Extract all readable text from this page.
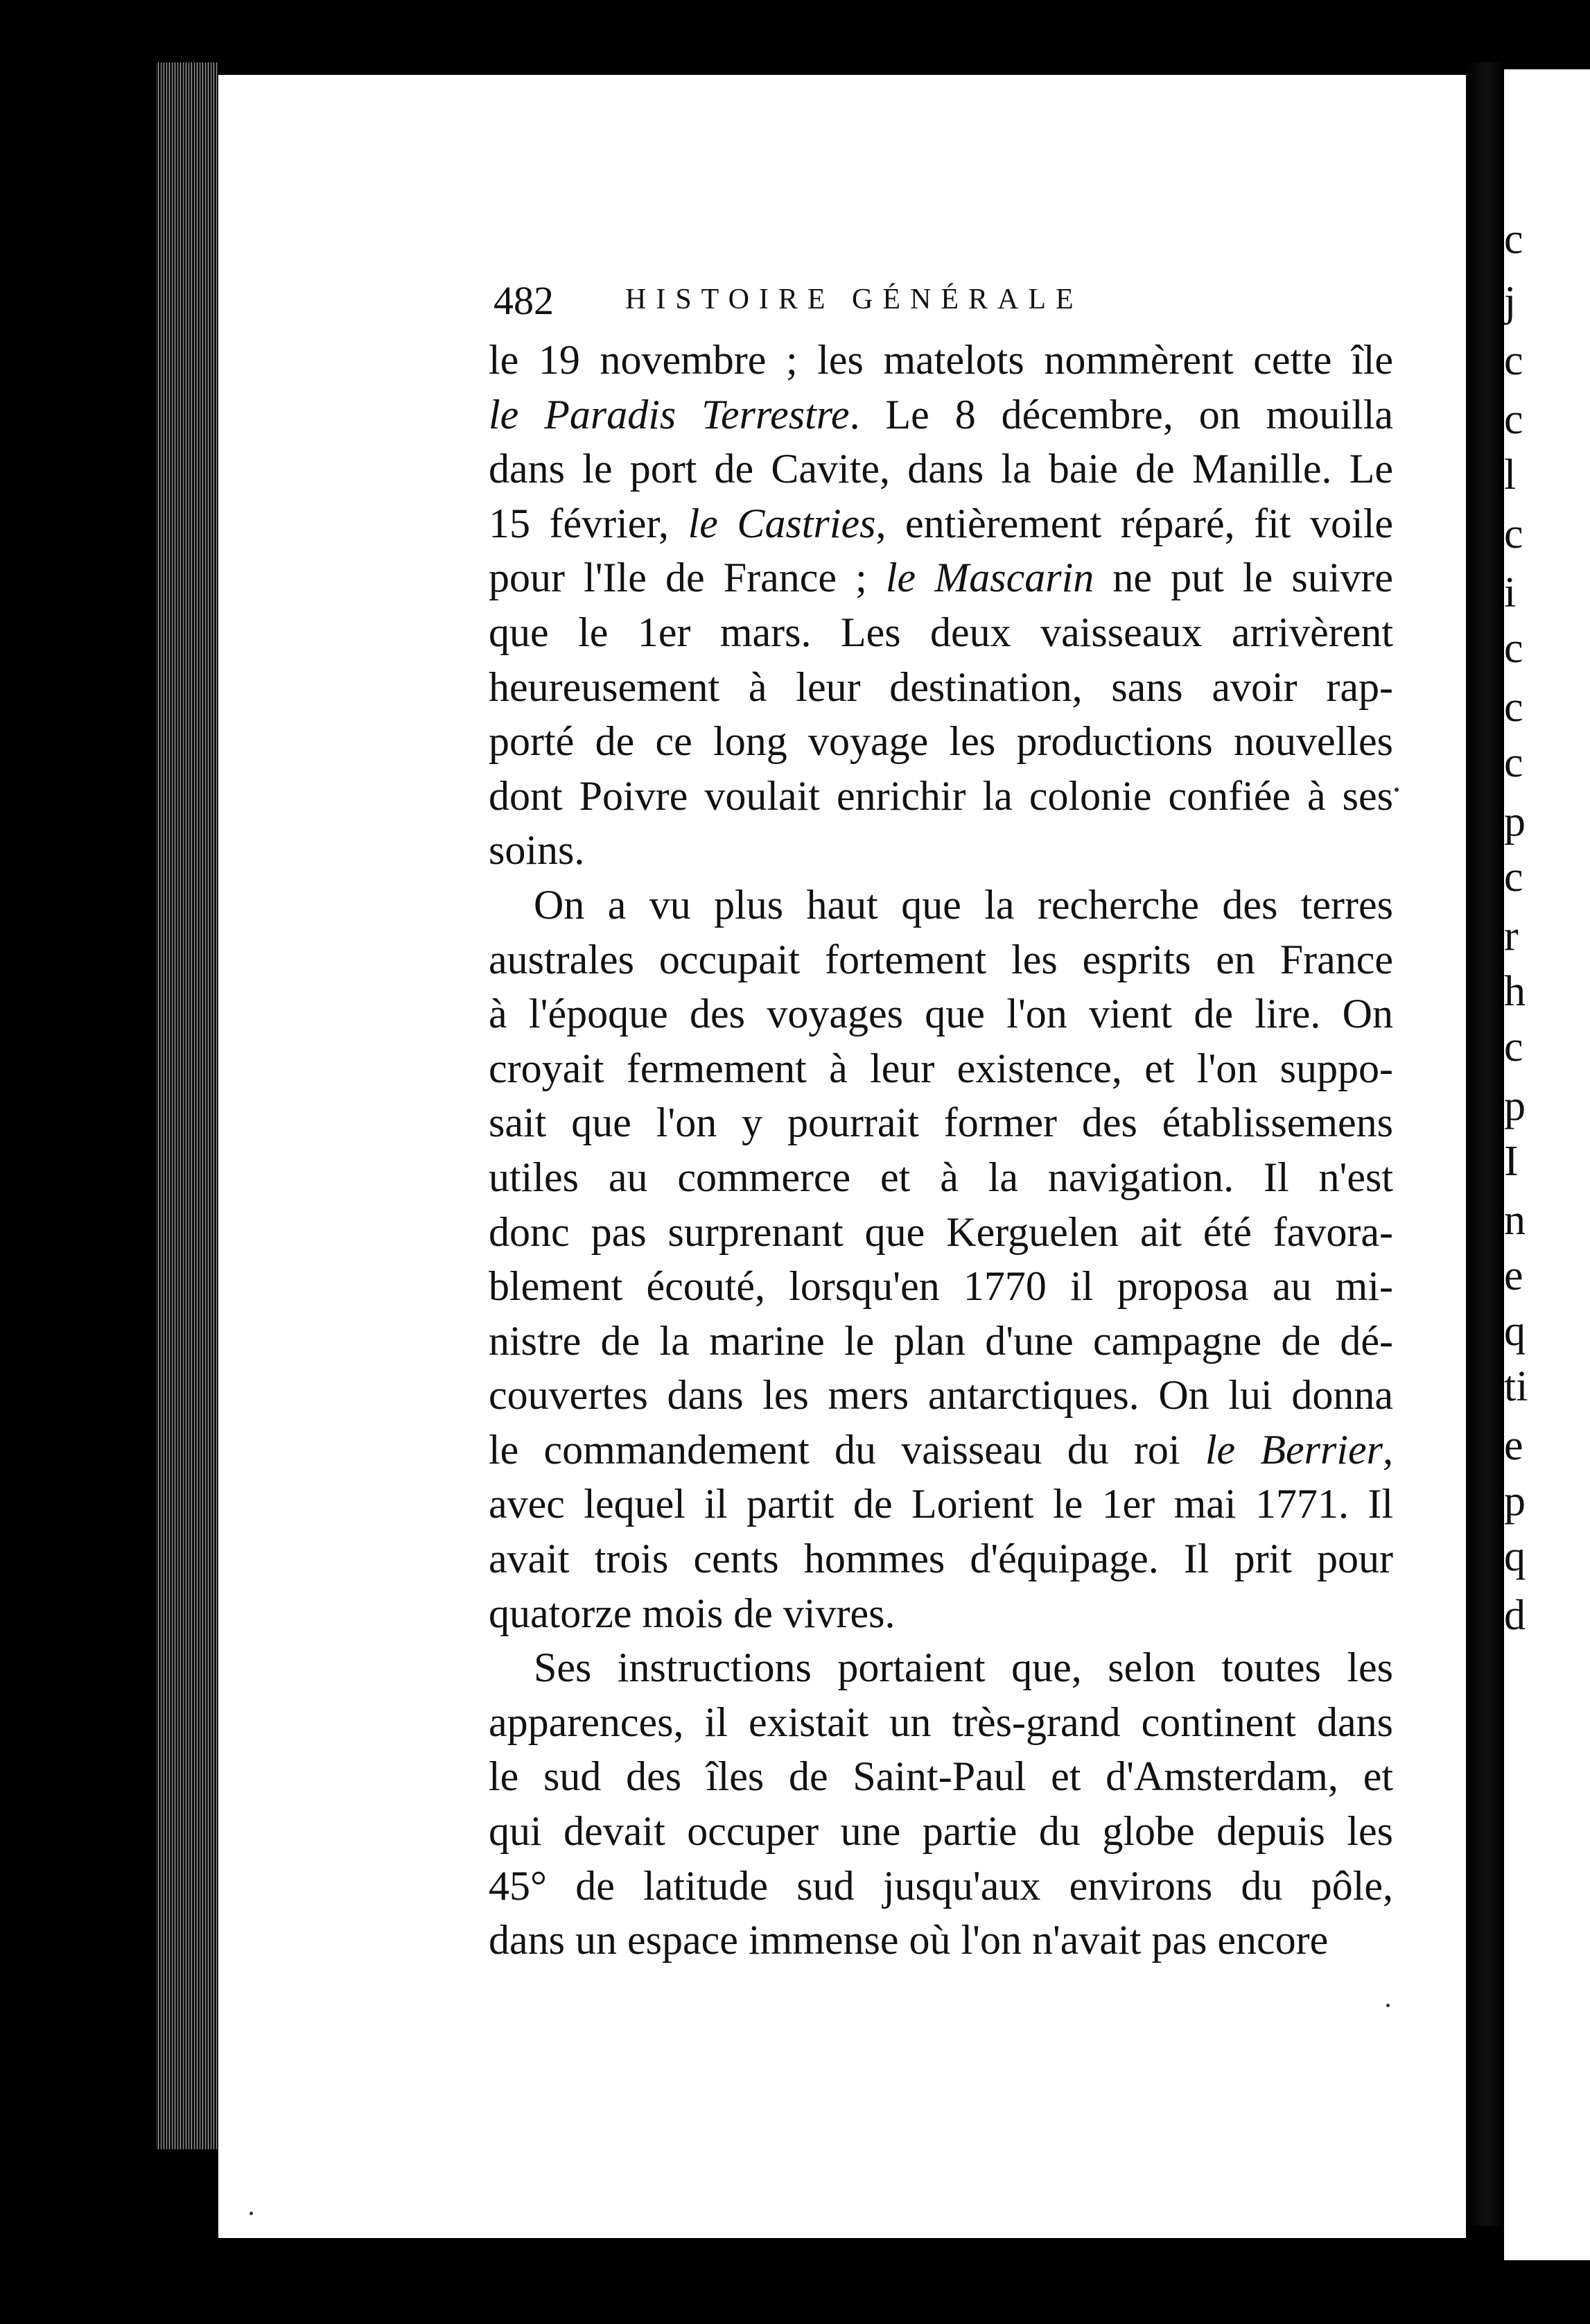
c
j
c
c
l
c
i
c
c
c
p
c
r
h
c
p
I
n
e
q
ti
e
p
q
d
482 HISTOIRE GÉNÉRALE
le 19 novembre ; les matelots nommèrent cette île
le Paradis Terrestre. Le 8 décembre, on mouilla
dans le port de Cavite, dans la baie de Manille. Le
15 février, le Castries, entièrement réparé, fit voile
pour l'Ile de France ; le Mascarin ne put le suivre
que le 1er mars. Les deux vaisseaux arrivèrent
heureusement à leur destination, sans avoir rap-
porté de ce long voyage les productions nouvelles
dont Poivre voulait enrichir la colonie confiée à ses
soins.
On a vu plus haut que la recherche des terres
australes occupait fortement les esprits en France
à l'époque des voyages que l'on vient de lire. On
croyait fermement à leur existence, et l'on suppo-
sait que l'on y pourrait former des établissemens
utiles au commerce et à la navigation. Il n'est
donc pas surprenant que Kerguelen ait été favora-
blement écouté, lorsqu'en 1770 il proposa au mi-
nistre de la marine le plan d'une campagne de dé-
couvertes dans les mers antarctiques. On lui donna
le commandement du vaisseau du roi le Berrier,
avec lequel il partit de Lorient le 1er mai 1771. Il
avait trois cents hommes d'équipage. Il prit pour
quatorze mois de vivres.
Ses instructions portaient que, selon toutes les
apparences, il existait un très-grand continent dans
le sud des îles de Saint-Paul et d'Amsterdam, et
qui devait occuper une partie du globe depuis les
45° de latitude sud jusqu'aux environs du pôle,
dans un espace immense où l'on n'avait pas encore
